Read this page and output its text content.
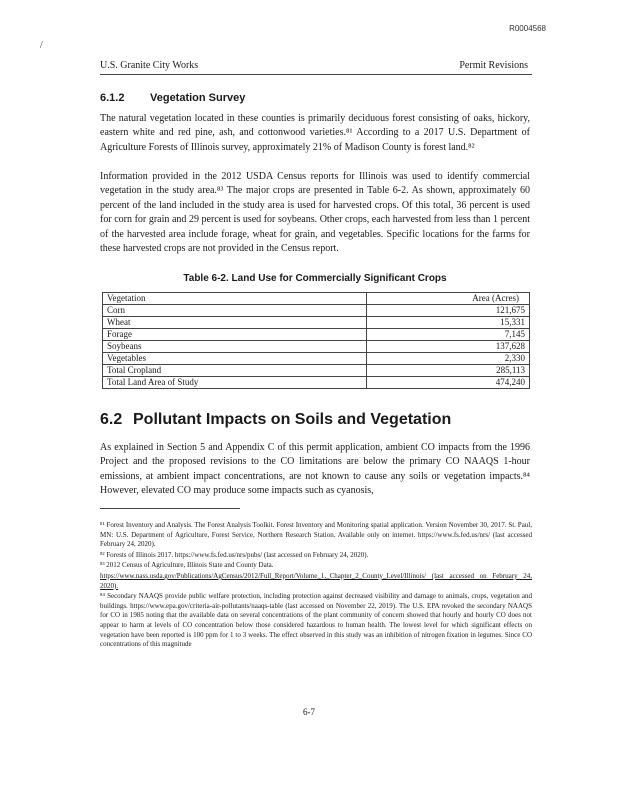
R0004568
/
U.S. Granite City Works	Permit Revisions
6.1.2 Vegetation Survey

The natural vegetation located in these counties is primarily deciduous forest consisting of oaks, hickory, eastern white and red pine, ash, and cottonwood varieties.⁸¹ According to a 2017 U.S. Department of Agriculture Forests of Illinois survey, approximately 21% of Madison County is forest land.⁸²

Information provided in the 2012 USDA Census reports for Illinois was used to identify commercial vegetation in the study area.⁸³ The major crops are presented in Table 6-2. As shown, approximately 60 percent of the land included in the study area is used for harvested crops. Of this total, 36 percent is used for corn for grain and 29 percent is used for soybeans. Other crops, each harvested from less than 1 percent of the harvested area include forage, wheat for grain, and vegetables. Specific locations for the farms for these harvested crops are not provided in the Census report.

Table 6-2. Land Use for Commercially Significant Crops
Vegetation	Area (Acres)
Corn	121,675
Wheat	15,331
Forage	7,145
Soybeans	137,628
Vegetables	2,330
Total Cropland	285,113
Total Land Area of Study	474,240
6.2 Pollutant Impacts on Soils and Vegetation

As explained in Section 5 and Appendix C of this permit application, ambient CO impacts from the 1996 Project and the proposed revisions to the CO limitations are below the primary CO NAAQS 1-hour emissions, at ambient impact concentrations, are not known to cause any soils or vegetation impacts.⁸⁴ However, elevated CO may produce some impacts such as cyanosis,

⁸¹ Forest Inventory and Analysis. The Forest Analysis Toolkit. Forest Inventory and Monitoring spatial application. Version November 30, 2017. St. Paul, MN: U.S. Department of Agriculture, Forest Service, Northern Research Station. Available only on internet. https://www.fs.fed.us/nrs/ (last accessed February 24, 2020).

⁸² Forests of Illinois 2017. https://www.fs.fed.us/nrs/pubs/ (last accessed on February 24, 2020).

⁸³ 2012 Census of Agriculture, Illinois State and County Data.

https://www.nass.usda.gov/Publications/AgCensus/2012/Full_Report/Volume_1,_Chapter_2_County_Level/Illinois/ (last accessed on February 24, 2020).

⁸⁴ Secondary NAAQS provide public welfare protection, including protection against decreased visibility and damage to animals, crops, vegetation and buildings. https://www.epa.gov/criteria-air-pollutants/naaqs-table (last accessed on November 22, 2019). The U.S. EPA revoked the secondary NAAQS for CO in 1985 noting that the available data on several concentrations of the plant community of concern showed that hourly and hourly CO does not appear to harm at levels of CO concentration below those considered hazardous to human health. The lowest level for which significant effects on vegetation have been reported is 100 ppm for 1 to 3 weeks. The effect observed in this study was an inhibition of nitrogen fixation in legumes. Since CO concentrations of this magnitude

6-7
